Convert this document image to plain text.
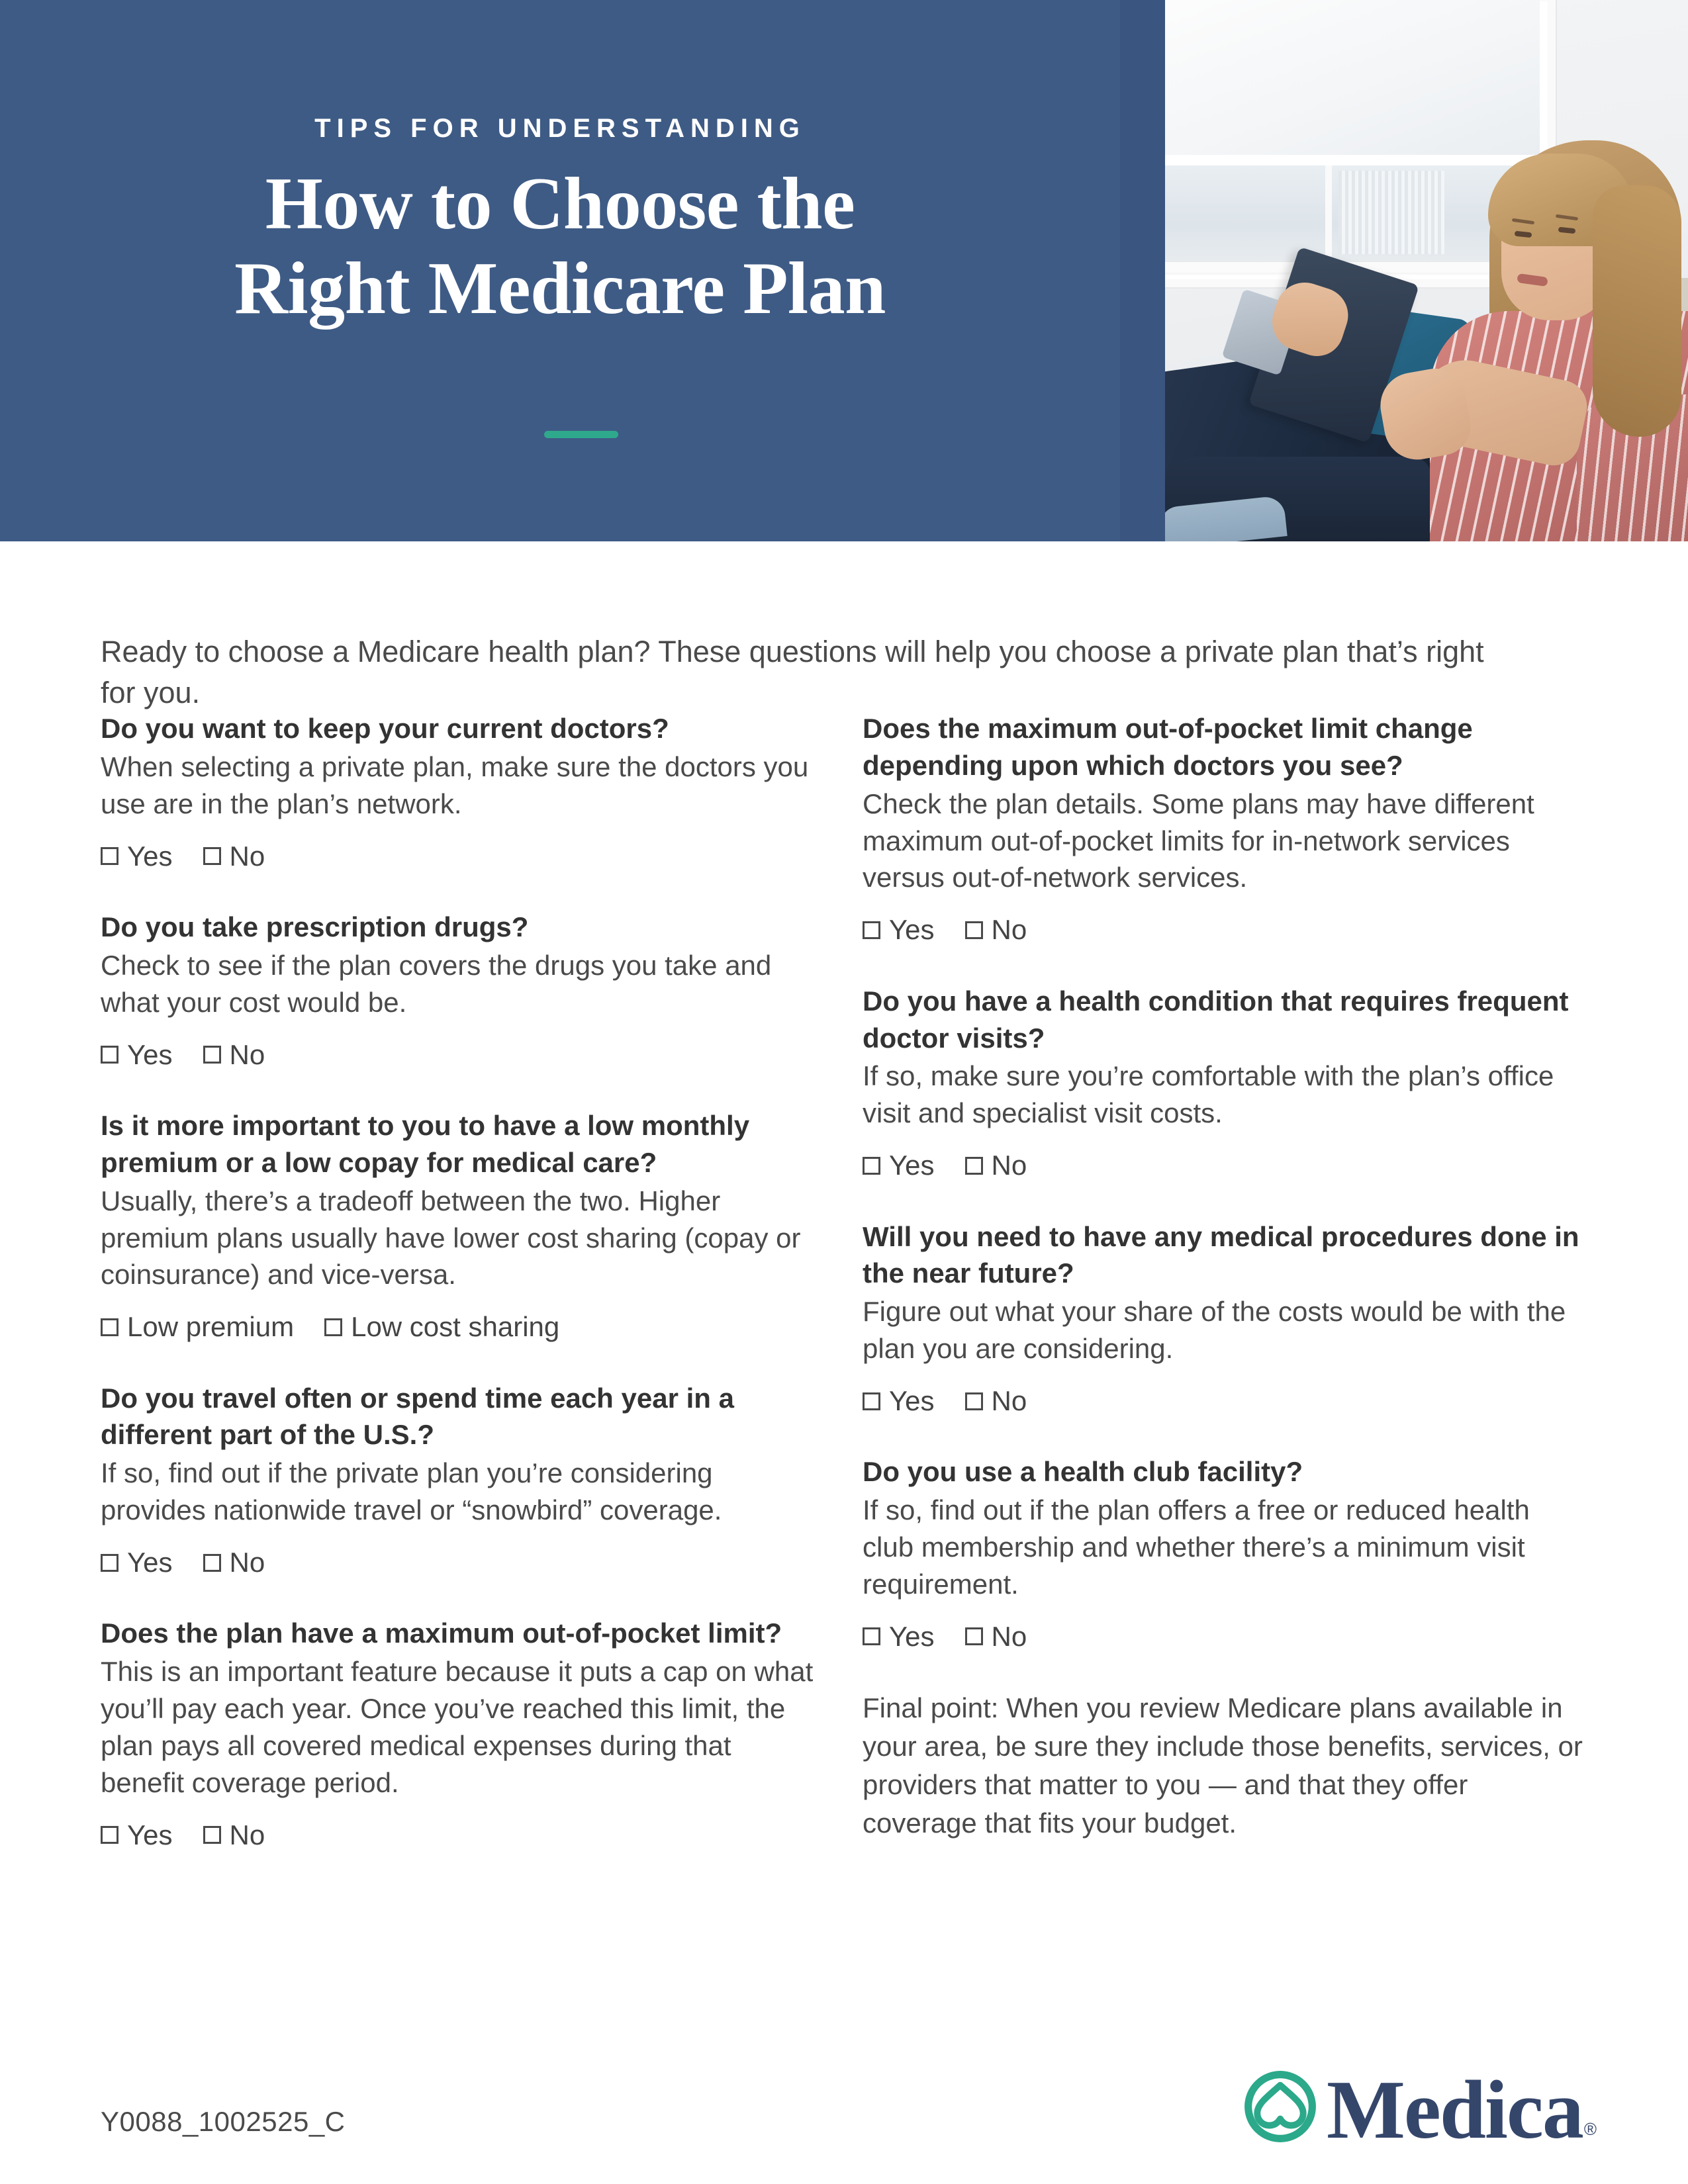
TIPS FOR UNDERSTANDING
How to Choose the
Right Medicare Plan
Ready to choose a Medicare health plan? These questions will help you choose a private plan that’s right for you.

Do you want to keep your current doctors?

When selecting a private plan, make sure the doctors you use are in the plan’s network.

Yes No

Do you take prescription drugs?

Check to see if the plan covers the drugs you take and what your cost would be.

Yes No

Is it more important to you to have a low monthly premium or a low copay for medical care?

Usually, there’s a tradeoff between the two. Higher premium plans usually have lower cost sharing (copay or coinsurance) and vice-versa.

Low premium Low cost sharing

Do you travel often or spend time each year in a different part of the U.S.?

If so, find out if the private plan you’re considering provides nationwide travel or “snowbird” coverage.

Yes No

Does the plan have a maximum out-of-pocket limit?

This is an important feature because it puts a cap on what you’ll pay each year. Once you’ve reached this limit, the plan pays all covered medical expenses during that benefit coverage period.

Yes No

Does the maximum out-of-pocket limit change depending upon which doctors you see?

Check the plan details. Some plans may have different maximum out-of-pocket limits for in-network services versus out-of-network services.

Yes No

Do you have a health condition that requires frequent doctor visits?

If so, make sure you’re comfortable with the plan’s office visit and specialist visit costs.

Yes No

Will you need to have any medical procedures done in the near future?

Figure out what your share of the costs would be with the plan you are considering.

Yes No

Do you use a health club facility?

If so, find out if the plan offers a free or reduced health club membership and whether there’s a minimum visit requirement.

Yes No

Final point: When you review Medicare plans available in your area, be sure they include those benefits, services, or providers that matter to you — and that they offer coverage that fits your budget.

Y0088_1002525_C	Medica ®
